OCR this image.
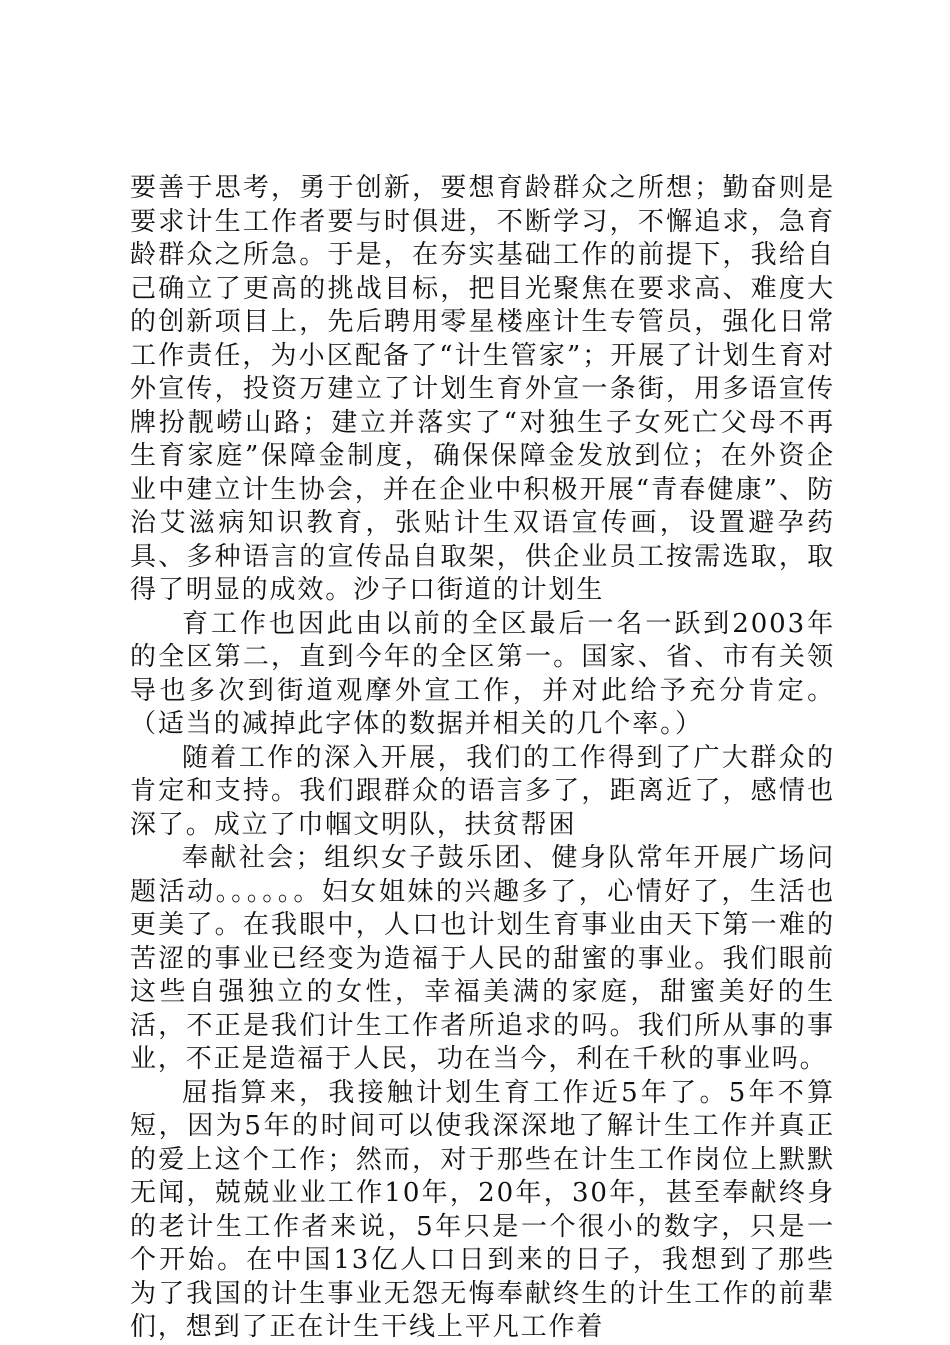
要善于思考，勇于创新，要想育龄群众之所想；勤奋则是要求计生工作者要与时俱进，不断学习，不懈追求，急育龄群众之所急。于是，在夯实基础工作的前提下，我给自己确立了更高的挑战目标，把目光聚焦在要求高、难度大的创新项目上，先后聘用零星楼座计生专管员，强化日常工作责任，为小区配备了“计生管家”；开展了计划生育对外宣传，投资万建立了计划生育外宣一条街，用多语宣传牌扮靓崂山路；建立并落实了“对独生子女死亡父母不再生育家庭”保障金制度，确保保障金发放到位；在外资企业中建立计生协会，并在企业中积极开展“青春健康”、防治艾滋病知识教育，张贴计生双语宣传画，设置避孕药具、多种语言的宣传品自取架，供企业员工按需选取，取得了明显的成效。沙子口街道的计划生

育工作也因此由以前的全区最后一名一跃到2003年的全区第二，直到今年的全区第一。国家、省、市有关领导也多次到街道观摩外宣工作，并对此给予充分肯定。（适当的减掉此字体的数据并相关的几个率。）

随着工作的深入开展，我们的工作得到了广大群众的肯定和支持。我们跟群众的语言多了，距离近了，感情也深了。成立了巾帼文明队，扶贫帮困

奉献社会；组织女子鼓乐团、健身队常年开展广场问题活动。。。。。。妇女姐妹的兴趣多了，心情好了，生活也更美了。在我眼中，人口也计划生育事业由天下第一难的苦涩的事业已经变为造福于人民的甜蜜的事业。我们眼前这些自强独立的女性，幸福美满的家庭，甜蜜美好的生活，不正是我们计生工作者所追求的吗。我们所从事的事业，不正是造福于人民，功在当今，利在千秋的事业吗。

屈指算来，我接触计划生育工作近5年了。5年不算短，因为5年的时间可以使我深深地了解计生工作并真正的爱上这个工作；然而，对于那些在计生工作岗位上默默无闻，兢兢业业工作10年，20年，30年，甚至奉献终身的老计生工作者来说，5年只是一个很小的数字，只是一个开始。在中国13亿人口日到来的日子，我想到了那些为了我国的计生事业无怨无悔奉献终生的计生工作的前辈们，想到了正在计生干线上平凡工作着
